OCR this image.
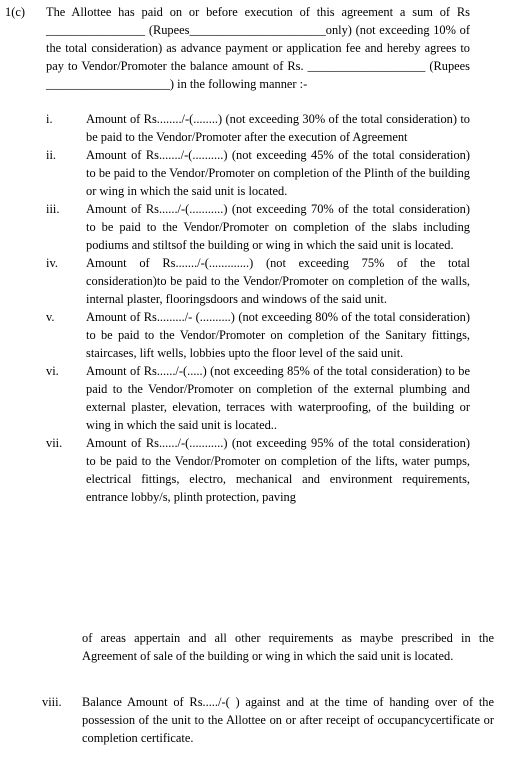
1(c)	The Allottee has paid on or before execution of this agreement a sum of Rs ________________ (Rupees______________________only) (not exceeding 10% of the total consideration) as advance payment or application fee and hereby agrees to pay to Vendor/Promoter the balance amount of Rs. ___________________ (Rupees ____________________) in the following manner :-
i.	Amount of Rs......../-(........) (not exceeding 30% of the total consideration) to be paid to the Vendor/Promoter after the execution of Agreement
ii.	Amount of Rs......./-(..........) (not exceeding 45% of the total consideration) to be paid to the Vendor/Promoter on completion of the Plinth of the building or wing in which the said unit is located.
iii.	Amount of Rs....../-(...........) (not exceeding 70% of the total consideration) to be paid to the Vendor/Promoter on completion of the slabs including podiums and stiltsof the building or wing in which the said unit is located.
iv.	Amount of Rs......./-(.............) (not exceeding 75% of the total consideration)to be paid to the Vendor/Promoter on completion of the walls, internal plaster, flooringsdoors and windows of the said unit.
v.	Amount of Rs........./- (..........) (not exceeding 80% of the total consideration) to be paid to the Vendor/Promoter on completion of the Sanitary fittings, staircases, lift wells, lobbies upto the floor level of the said unit.
vi.	Amount of Rs....../-(.....) (not exceeding 85% of the total consideration) to be paid to the Vendor/Promoter on completion of the external plumbing and external plaster, elevation, terraces with waterproofing, of the building or wing in which the said unit is located..
vii.	Amount of Rs....../-(...........) (not exceeding 95% of the total consideration) to be paid to the Vendor/Promoter on completion of the lifts, water pumps, electrical fittings, electro, mechanical and environment requirements, entrance lobby/s, plinth protection, paving
of areas appertain and all other requirements as maybe prescribed in the Agreement of sale of the building or wing in which the said unit is located.
viii.	Balance Amount of Rs...../-( ) against and at the time of handing over of the possession of the unit to the Allottee on or after receipt of occupancycertificate or completion certificate.
